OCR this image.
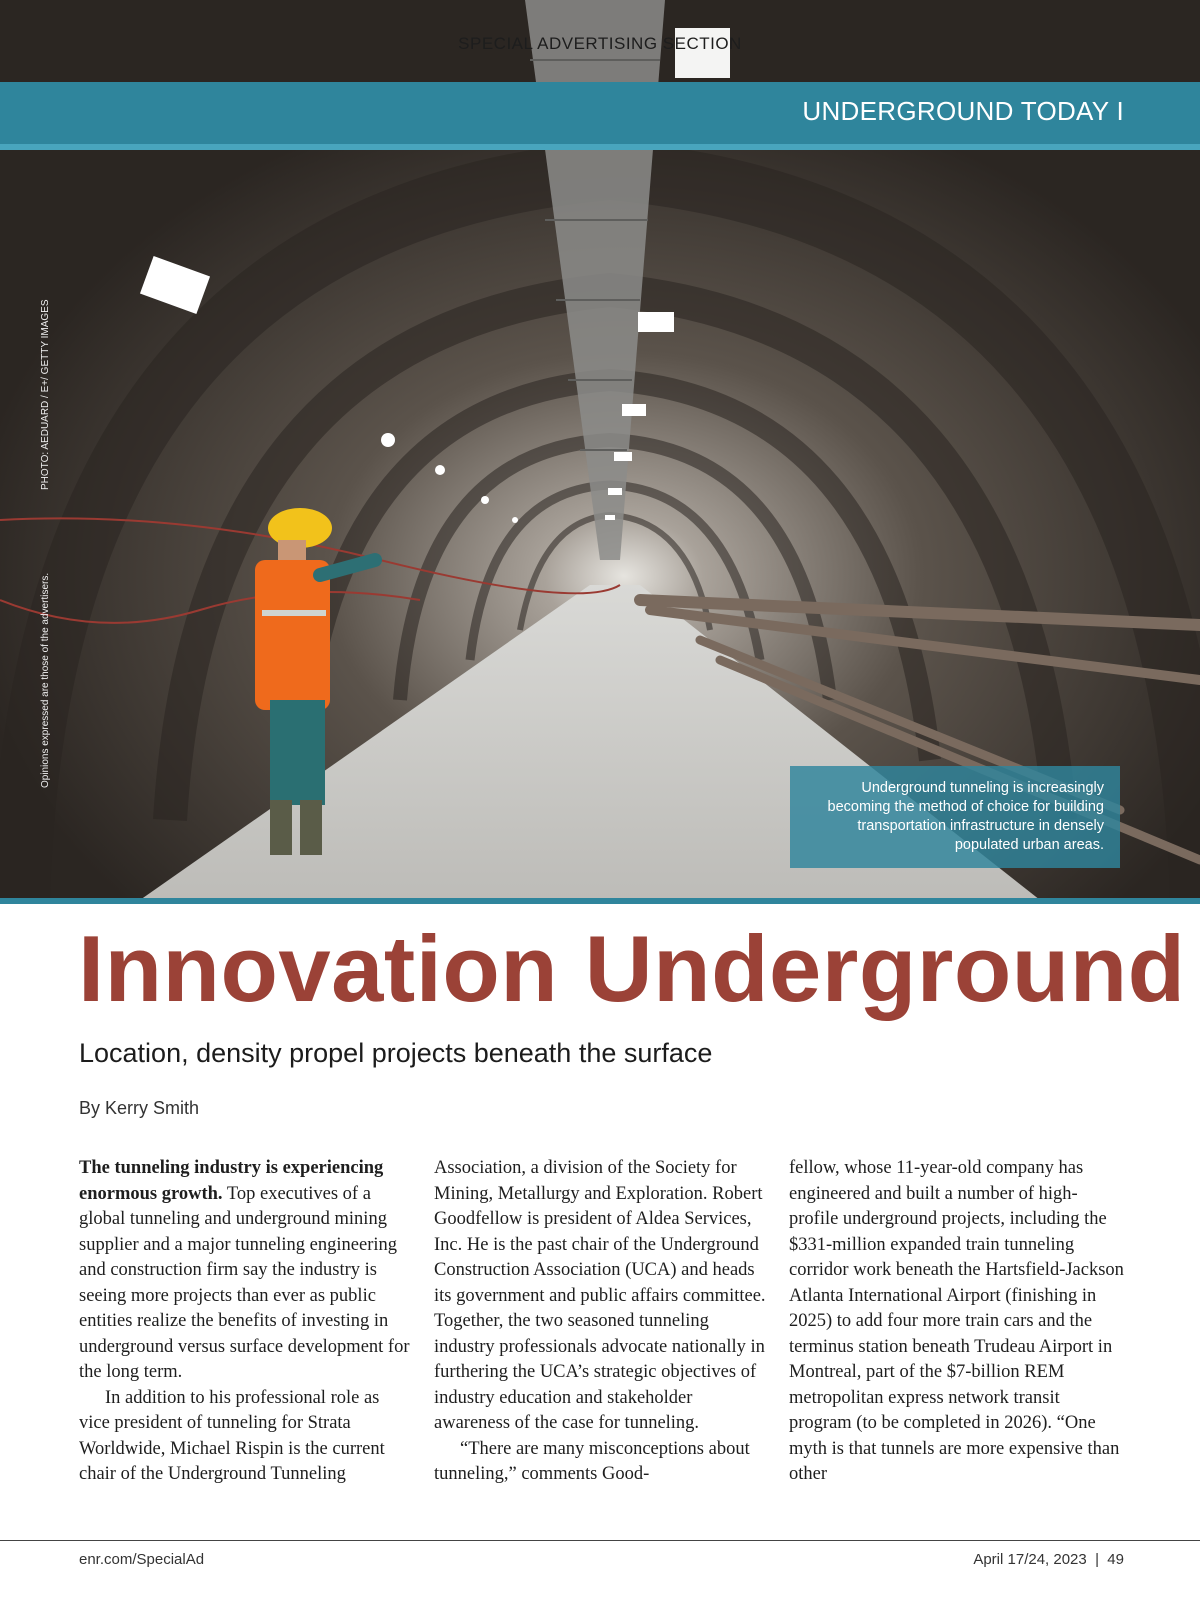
SPECIAL ADVERTISING SECTION
UNDERGROUND TODAY I
PHOTO: AEDUARD / E+/ GETTY IMAGES
Opinions expressed are those of the advertisers.	Underground tunneling is increasingly becoming the method of choice for building transportation infrastructure in densely populated urban areas.
Innovation Underground
Location, density propel projects beneath the surface
By Kerry Smith

The tunneling industry is experiencing enormous growth. Top executives of a global tunneling and underground mining supplier and a major tunneling engineering and construction firm say the industry is seeing more projects than ever as public entities realize the benefits of investing in underground versus surface development for the long term.

In addition to his professional role as vice president of tunneling for Strata Worldwide, Michael Rispin is the current chair of the Underground Tunneling

Association, a division of the Society for Mining, Metallurgy and Exploration. Robert Goodfellow is president of Aldea Services, Inc. He is the past chair of the Underground Construction Association (UCA) and heads its government and public affairs committee. Together, the two seasoned tunneling industry professionals advocate nationally in furthering the UCA’s strategic objectives of industry education and stakeholder awareness of the case for tunneling.

“There are many misconceptions about tunneling,” comments Good-

fellow, whose 11-year-old company has engineered and built a number of high-profile underground projects, including the $331-million expanded train tunneling corridor work beneath the Hartsfield-Jackson Atlanta International Airport (finishing in 2025) to add four more train cars and the terminus station beneath Trudeau Airport in Montreal, part of the $7-billion REM metropolitan express network transit program (to be completed in 2026). “One myth is that tunnels are more expensive than other

enr.com/SpecialAd	April 17/24, 2023  |  49
